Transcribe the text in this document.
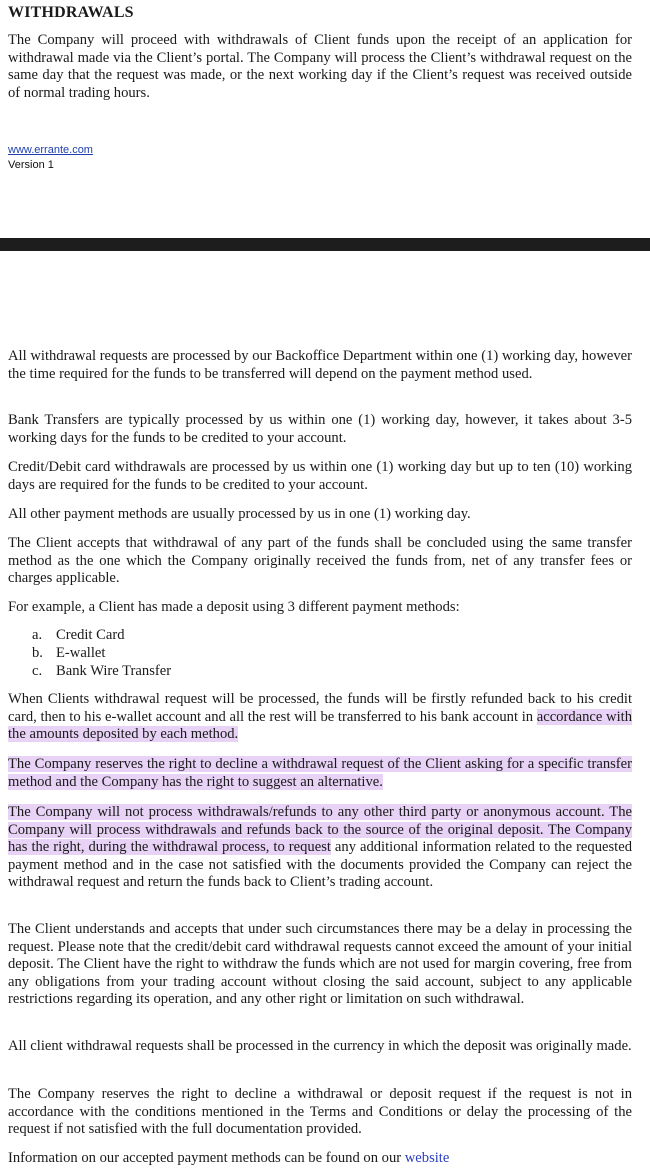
WITHDRAWALS

The Company will proceed with withdrawals of Client funds upon the receipt of an application for withdrawal made via the Client’s portal. The Company will process the Client’s withdrawal request on the same day that the request was made, or the next working day if the Client’s request was received outside of normal trading hours.

www.errante.com
Version 1

All withdrawal requests are processed by our Backoffice Department within one (1) working day, however the time required for the funds to be transferred will depend on the payment method used.

Bank Transfers are typically processed by us within one (1) working day, however, it takes about 3-5 working days for the funds to be credited to your account.

Credit/Debit card withdrawals are processed by us within one (1) working day but up to ten (10) working days are required for the funds to be credited to your account.

All other payment methods are usually processed by us in one (1) working day.

The Client accepts that withdrawal of any part of the funds shall be concluded using the same transfer method as the one which the Company originally received the funds from, net of any transfer fees or charges applicable.

For example, a Client has made a deposit using 3 different payment methods:

a. Credit Card
b. E-wallet
c. Bank Wire Transfer

When Clients withdrawal request will be processed, the funds will be firstly refunded back to his credit card, then to his e-wallet account and all the rest will be transferred to his bank account in accordance with the amounts deposited by each method.

The Company reserves the right to decline a withdrawal request of the Client asking for a specific transfer method and the Company has the right to suggest an alternative.

The Company will not process withdrawals/refunds to any other third party or anonymous account. The Company will process withdrawals and refunds back to the source of the original deposit. The Company has the right, during the withdrawal process, to request any additional information related to the requested payment method and in the case not satisfied with the documents provided the Company can reject the withdrawal request and return the funds back to Client’s trading account.

The Client understands and accepts that under such circumstances there may be a delay in processing the request. Please note that the credit/debit card withdrawal requests cannot exceed the amount of your initial deposit. The Client have the right to withdraw the funds which are not used for margin covering, free from any obligations from your trading account without closing the said account, subject to any applicable restrictions regarding its operation, and any other right or limitation on such withdrawal.

All client withdrawal requests shall be processed in the currency in which the deposit was originally made.

The Company reserves the right to decline a withdrawal or deposit request if the request is not in accordance with the conditions mentioned in the Terms and Conditions or delay the processing of the request if not satisfied with the full documentation provided.

Information on our accepted payment methods can be found on our website
